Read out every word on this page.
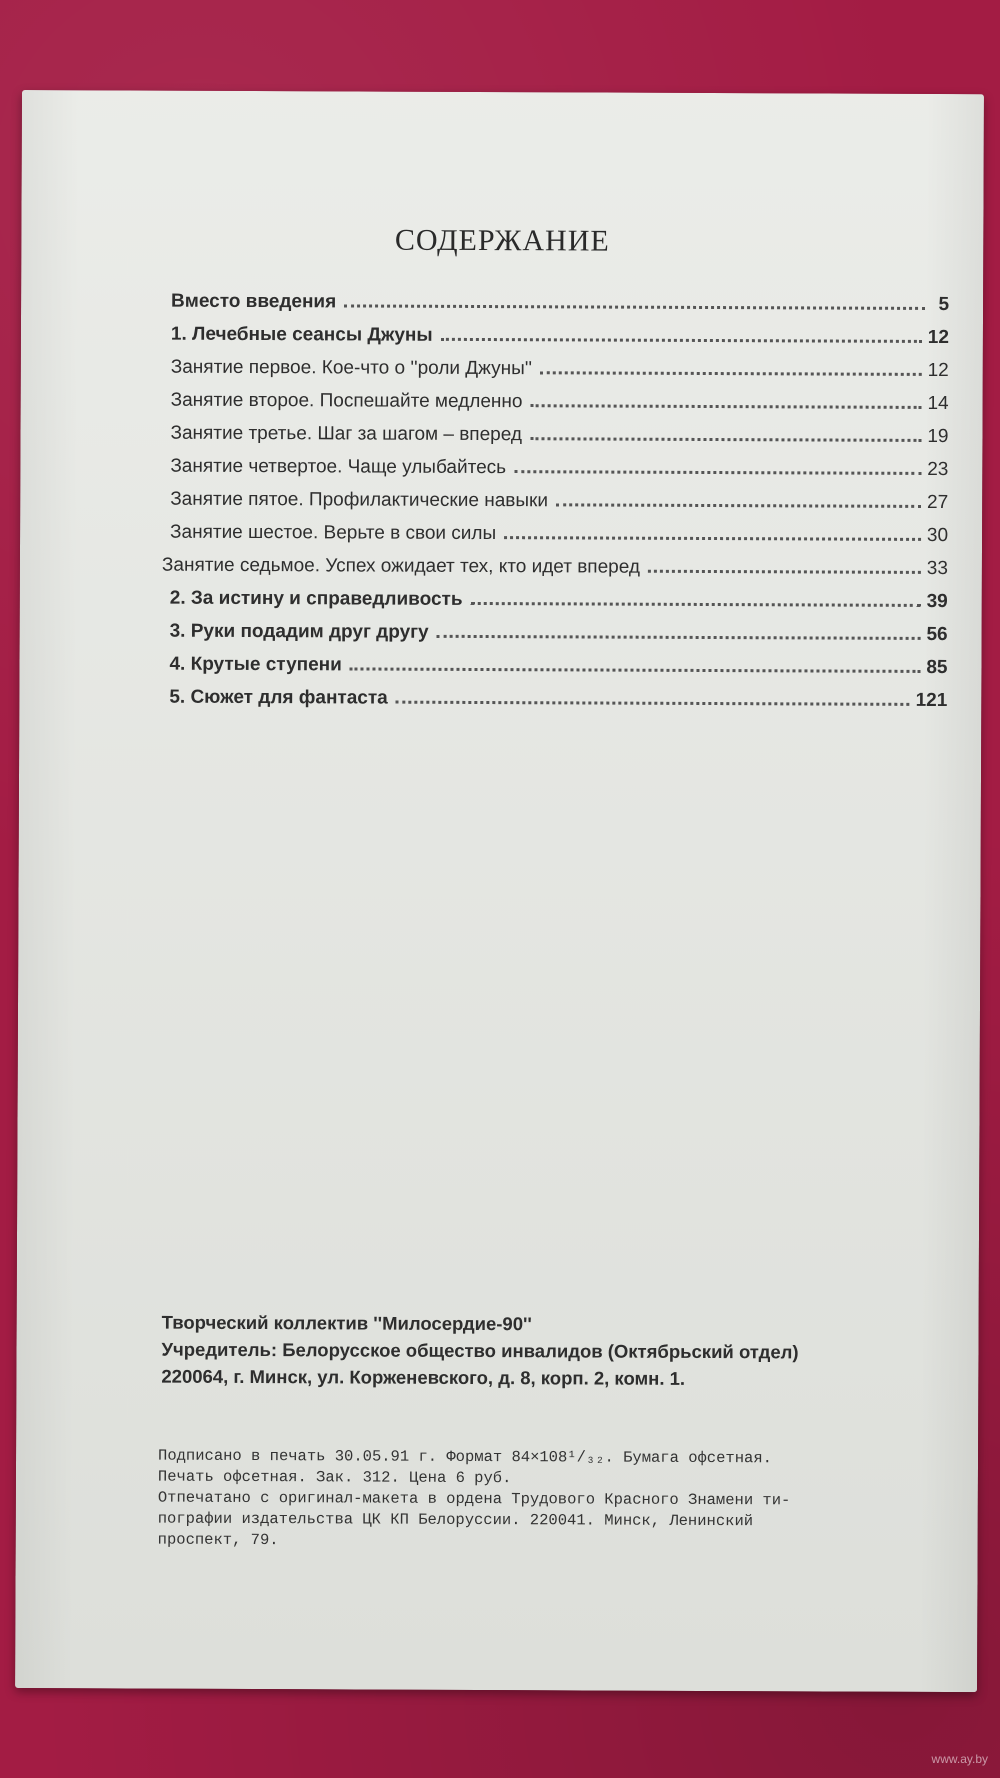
СОДЕРЖАНИЕ
Вместо введения	5
1. Лечебные сеансы Джуны	12
Занятие первое. Кое-что о ''роли Джуны''	12
Занятие второе. Поспешайте медленно	14
Занятие третье. Шаг за шагом – вперед	19
Занятие четвертое. Чаще улыбайтесь	23
Занятие пятое. Профилактические навыки	27
Занятие шестое. Верьте в свои силы	30
Занятие седьмое. Успех ожидает тех, кто идет вперед	33
2. За истину и справедливость	39
3. Руки подадим друг другу	56
4. Крутые ступени	85
5. Сюжет для фантаста	121
Творческий коллектив ''Милосердие-90''
Учредитель: Белорусское общество инвалидов (Октябрьский отдел)
220064, г. Минск, ул. Корженевского, д. 8, корп. 2, комн. 1.
Подписано в печать 30.05.91 г. Формат 84×108¹/₃₂. Бумага офсетная.
Печать офсетная. Зак. 312. Цена 6 руб.
Отпечатано с оригинал-макета в ордена Трудового Красного Знамени ти-
пографии издательства ЦК КП Белоруссии. 220041. Минск, Ленинский
проспект, 79.
www.ay.by
